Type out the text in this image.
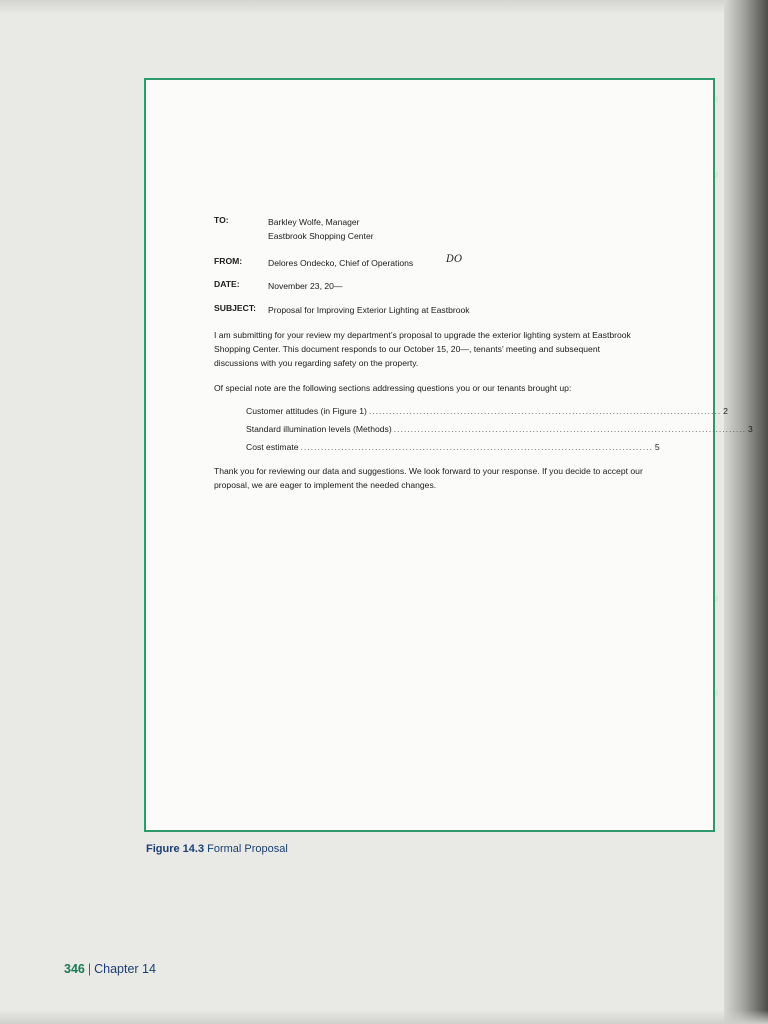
TO:	Barkley Wolfe, Manager
Eastbrook Shopping Center
FROM:	Delores Ondecko, Chief of Operations	DO
DATE:	November 23, 20—
SUBJECT: Proposal for Improving Exterior Lighting at Eastbrook

I am submitting for your review my department’s proposal to upgrade the exterior lighting system at Eastbrook Shopping Center. This document responds to our October 15, 20—, tenants’ meeting and subsequent discussions with you regarding safety on the property.

Of special note are the following sections addressing questions you or our tenants brought up:

Customer attitudes (in Figure 1) ........................................................................................................ 2
Standard illumination levels (Methods) ........................................................................................................ 3
Cost estimate ........................................................................................................ 5

Thank you for reviewing our data and suggestions. We look forward to your response. If you decide to accept our proposal, we are eager to implement the needed changes.

Figure 14.3 Formal Proposal
346 | Chapter 14
